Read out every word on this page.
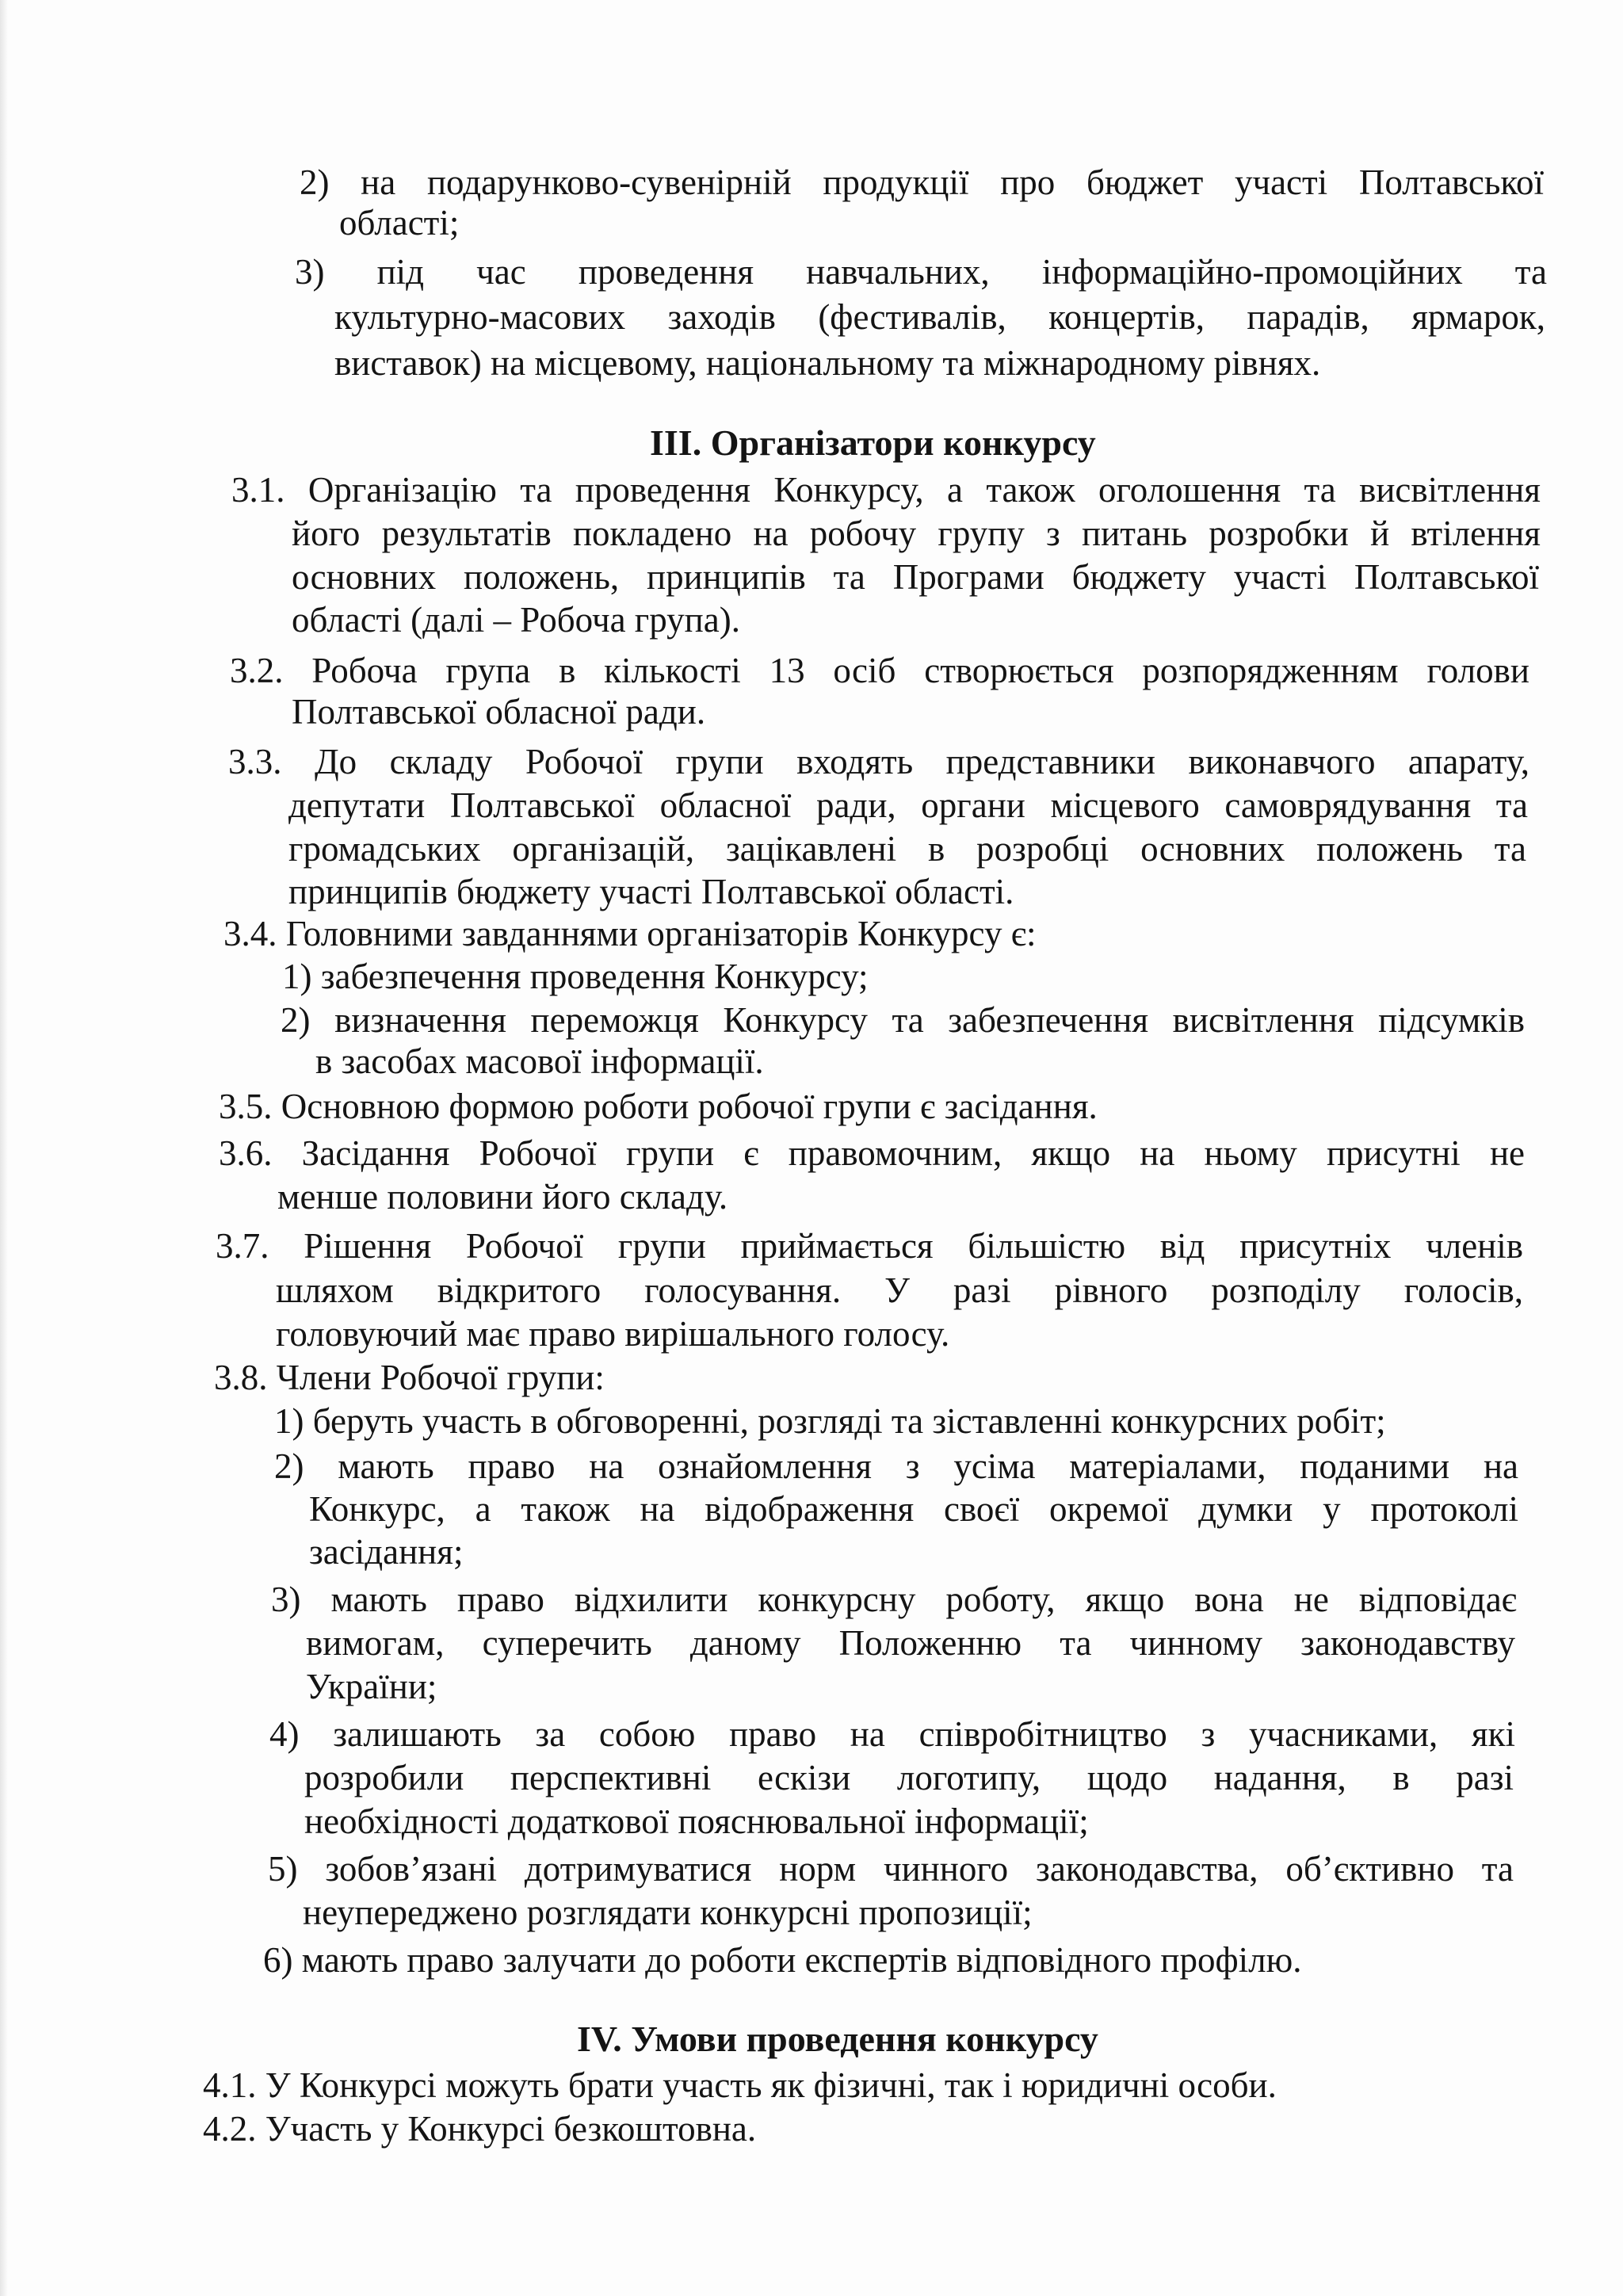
2) на подарунково-сувенірній продукції про бюджет участі Полтавської
області;
3) під час проведення навчальних, інформаційно-промоційних та
культурно-масових заходів (фестивалів, концертів, парадів, ярмарок,
виставок) на місцевому, національному та міжнародному рівнях.
ІІІ. Організатори конкурсу
3.1. Організацію та проведення Конкурсу, а також оголошення та висвітлення
його результатів покладено на робочу групу з питань розробки й втілення
основних положень, принципів та Програми бюджету участі Полтавської
області (далі – Робоча група).
3.2. Робоча група в кількості 13 осіб створюється розпорядженням голови
Полтавської обласної ради.
3.3. До складу Робочої групи входять представники виконавчого апарату,
депутати Полтавської обласної ради, органи місцевого самоврядування та
громадських організацій, зацікавлені в розробці основних положень та
принципів бюджету участі Полтавської області.
3.4. Головними завданнями організаторів Конкурсу є:
1) забезпечення проведення Конкурсу;
2) визначення переможця Конкурсу та забезпечення висвітлення підсумків
в засобах масової інформації.
3.5. Основною формою роботи робочої групи є засідання.
3.6. Засідання Робочої групи є правомочним, якщо на ньому присутні не
менше половини його складу.
3.7. Рішення Робочої групи приймається більшістю від присутніх членів
шляхом відкритого голосування. У разі рівного розподілу голосів,
головуючий має право вирішального голосу.
3.8. Члени Робочої групи:
1) беруть участь в обговоренні, розгляді та зіставленні конкурсних робіт;
2) мають право на ознайомлення з усіма матеріалами, поданими на
Конкурс, а також на відображення своєї окремої думки у протоколі
засідання;
3) мають право відхилити конкурсну роботу, якщо вона не відповідає
вимогам, суперечить даному Положенню та чинному законодавству
України;
4) залишають за собою право на співробітництво з учасниками, які
розробили перспективні ескізи логотипу, щодо надання, в разі
необхідності додаткової пояснювальної інформації;
5) зобов’язані дотримуватися норм чинного законодавства, об’єктивно та
неупереджено розглядати конкурсні пропозиції;
6) мають право залучати до роботи експертів відповідного профілю.
IV. Умови проведення конкурсу
4.1. У Конкурсі можуть брати участь як фізичні, так і юридичні особи.
4.2. Участь у Конкурсі безкоштовна.
